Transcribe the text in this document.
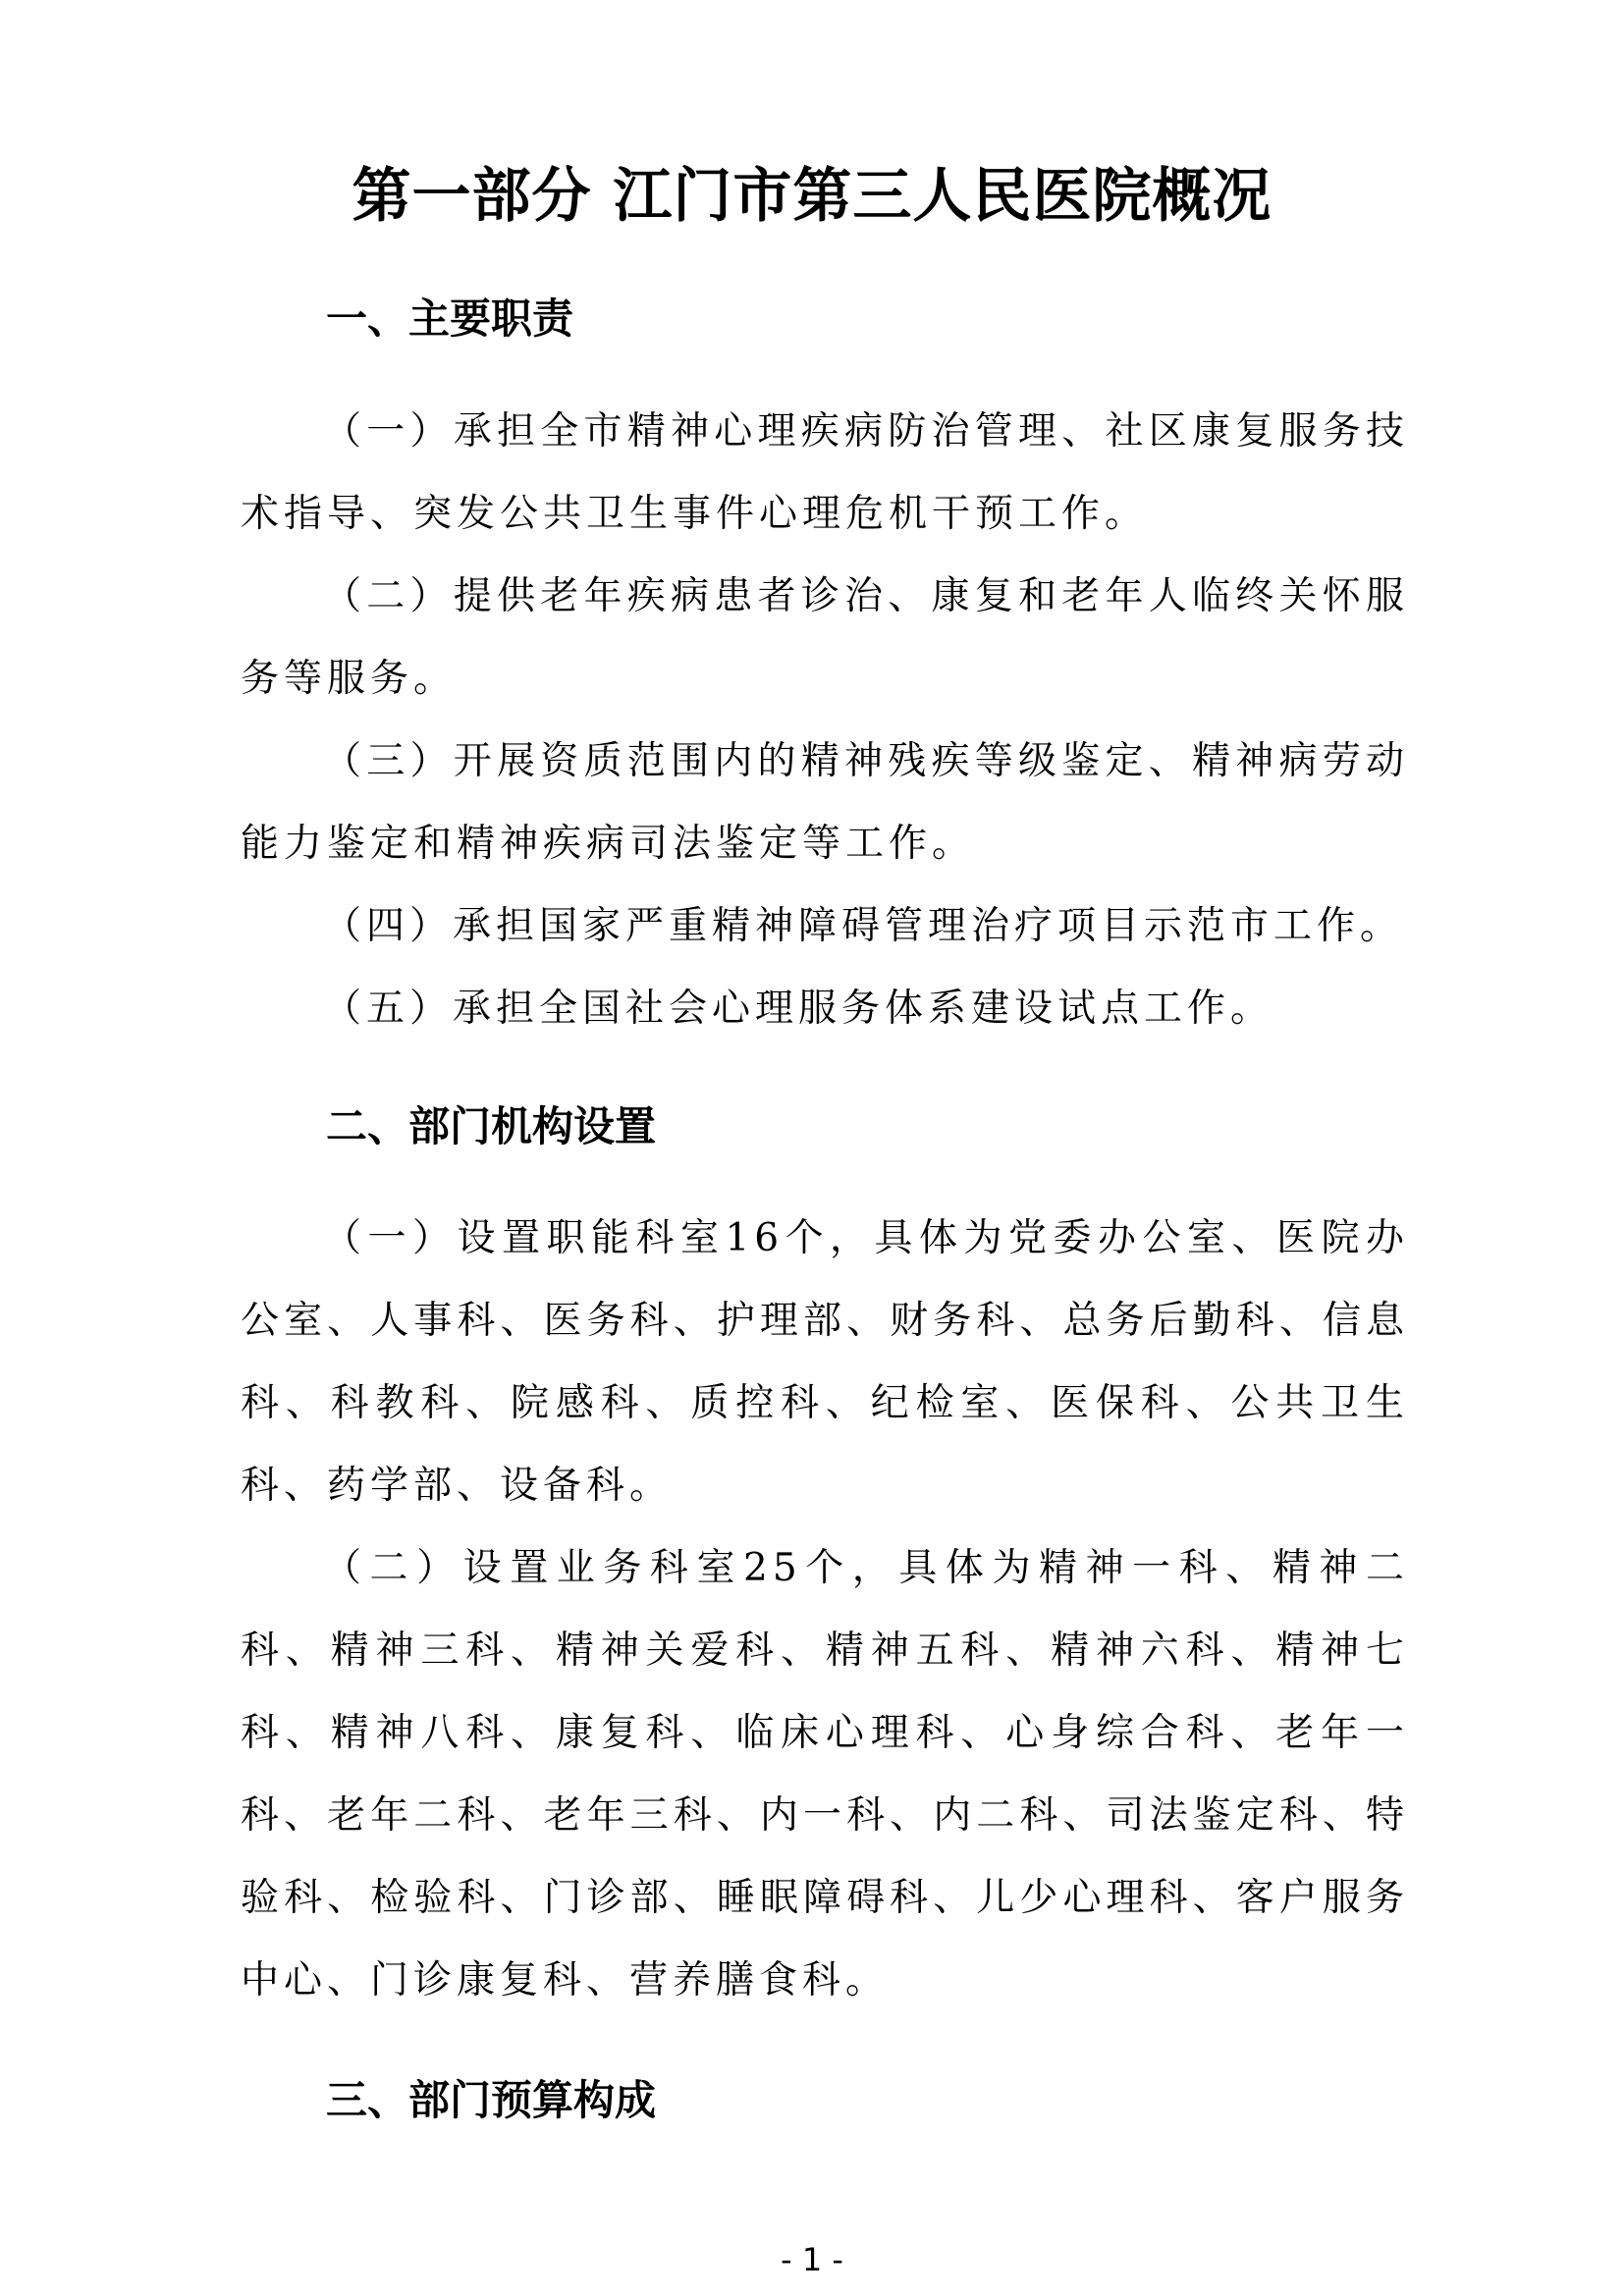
第一部分 江门市第三人民医院概况
一、主要职责

（一）承担全市精神心理疾病防治管理、社区康复服务技术指导、突发公共卫生事件心理危机干预工作。

（二）提供老年疾病患者诊治、康复和老年人临终关怀服务等服务。

（三）开展资质范围内的精神残疾等级鉴定、精神病劳动能力鉴定和精神疾病司法鉴定等工作。

（四）承担国家严重精神障碍管理治疗项目示范市工作。

（五）承担全国社会心理服务体系建设试点工作。

二、部门机构设置

（一）设置职能科室16个，具体为党委办公室、医院办公室、人事科、医务科、护理部、财务科、总务后勤科、信息科、科教科、院感科、质控科、纪检室、医保科、公共卫生科、药学部、设备科。

（二）设置业务科室25个，具体为精神一科、精神二科、精神三科、精神关爱科、精神五科、精神六科、精神七科、精神八科、康复科、临床心理科、心身综合科、老年一科、老年二科、老年三科、内一科、内二科、司法鉴定科、特验科、检验科、门诊部、睡眠障碍科、儿少心理科、客户服务中心、门诊康复科、营养膳食科。

三、部门预算构成
- 1 -
